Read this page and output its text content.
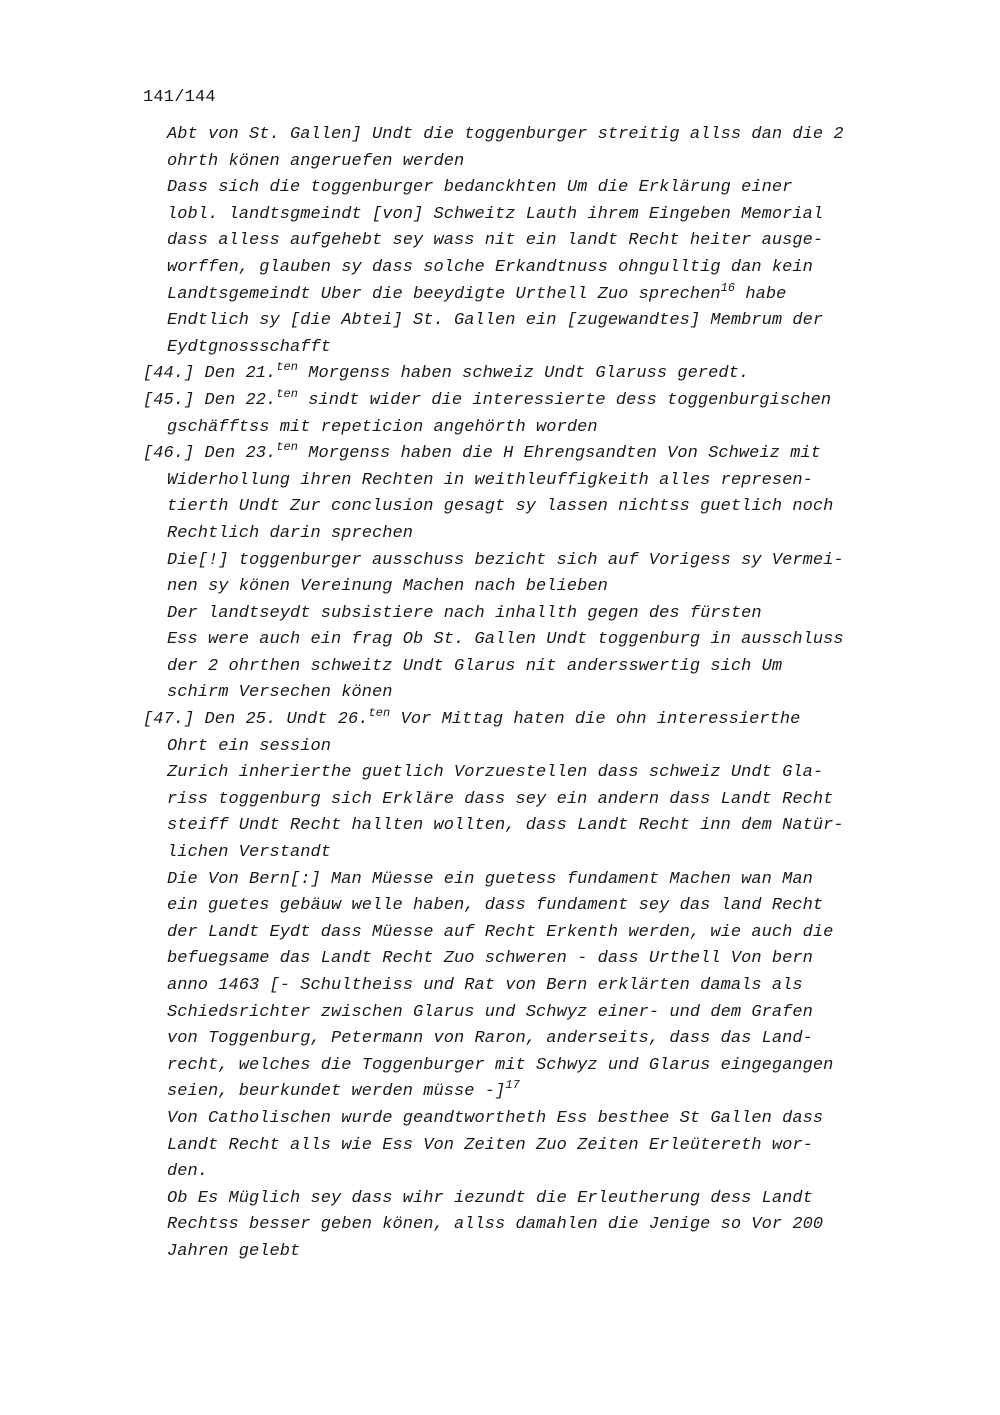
141/144
Abt von St. Gallen] Undt die toggenburger streitig allss dan die 2
ohrth könen angeruefen werden
Dass sich die toggenburger bedanckhten Um die Erklärung einer
lobl. landtsgmeindt [von] Schweitz Lauth ihrem Eingeben Memorial
dass alless aufgehebt sey wass nit ein landt Recht heiter ausge-
worffen, glauben sy dass solche Erkandtnuss ohngulltig dan kein
Landtsgemeindt Uber die beeydigte Urthell Zuo sprechen$^{16}$ habe
Endtlich sy [die Abtei] St. Gallen ein [zugewandtes] Membrum der
Eydtgnossschafft
[44.] Den 21.$^{ten}$ Morgenss haben schweiz Undt Glaruss geredt.
[45.] Den 22.$^{ten}$ sindt wider die interessierte dess toggenburgischen
gschäfftss mit repeticion angehörth worden
[46.] Den 23.$^{ten}$ Morgenss haben die H Ehrengsandten Von Schweiz mit
Widerhollung ihren Rechten in weithleuffigkeith alles represen-
tierth Undt Zur conclusion gesagt sy lassen nichtss guetlich noch
Rechtlich darin sprechen
Die[!] toggenburger ausschuss bezicht sich auf Vorigess sy Vermei-
nen sy könen Vereinung Machen nach belieben
Der landtseydt subsistiere nach inhallth gegen des fürsten
Ess were auch ein frag Ob St. Gallen Undt toggenburg in ausschluss
der 2 ohrthen schweitz Undt Glarus nit andersswertig sich Um
schirm Versechen könen
[47.] Den 25. Undt 26.$^{ten}$ Vor Mittag haten die ohn interessierthe
Ohrt ein session
Zurich inherierthe guetlich Vorzuestellen dass schweiz Undt Gla-
riss toggenburg sich Erkläre dass sey ein andern dass Landt Recht
steiff Undt Recht hallten wollten, dass Landt Recht inn dem Natür-
lichen Verstandt
Die Von Bern[:] Man Müesse ein guetess fundament Machen wan Man
ein guetes gebäuw welle haben, dass fundament sey das land Recht
der Landt Eydt dass Müesse auf Recht Erkenth werden, wie auch die
befuegsame das Landt Recht Zuo schweren - dass Urthell Von bern
anno 1463 [- Schultheiss und Rat von Bern erklärten damals als
Schiedsrichter zwischen Glarus und Schwyz einer- und dem Grafen
von Toggenburg, Petermann von Raron, anderseits, dass das Land-
recht, welches die Toggenburger mit Schwyz und Glarus eingegangen
seien, beurkundet werden müsse -]$^{17}$
Von Catholischen wurde geandtwortheth Ess besthee St Gallen dass
Landt Recht alls wie Ess Von Zeiten Zuo Zeiten Erleütereth wor-
den.
Ob Es Müglich sey dass wihr iezundt die Erleutherung dess Landt
Rechtss besser geben könen, allss damahlen die Jenige so Vor 200
Jahren gelebt
